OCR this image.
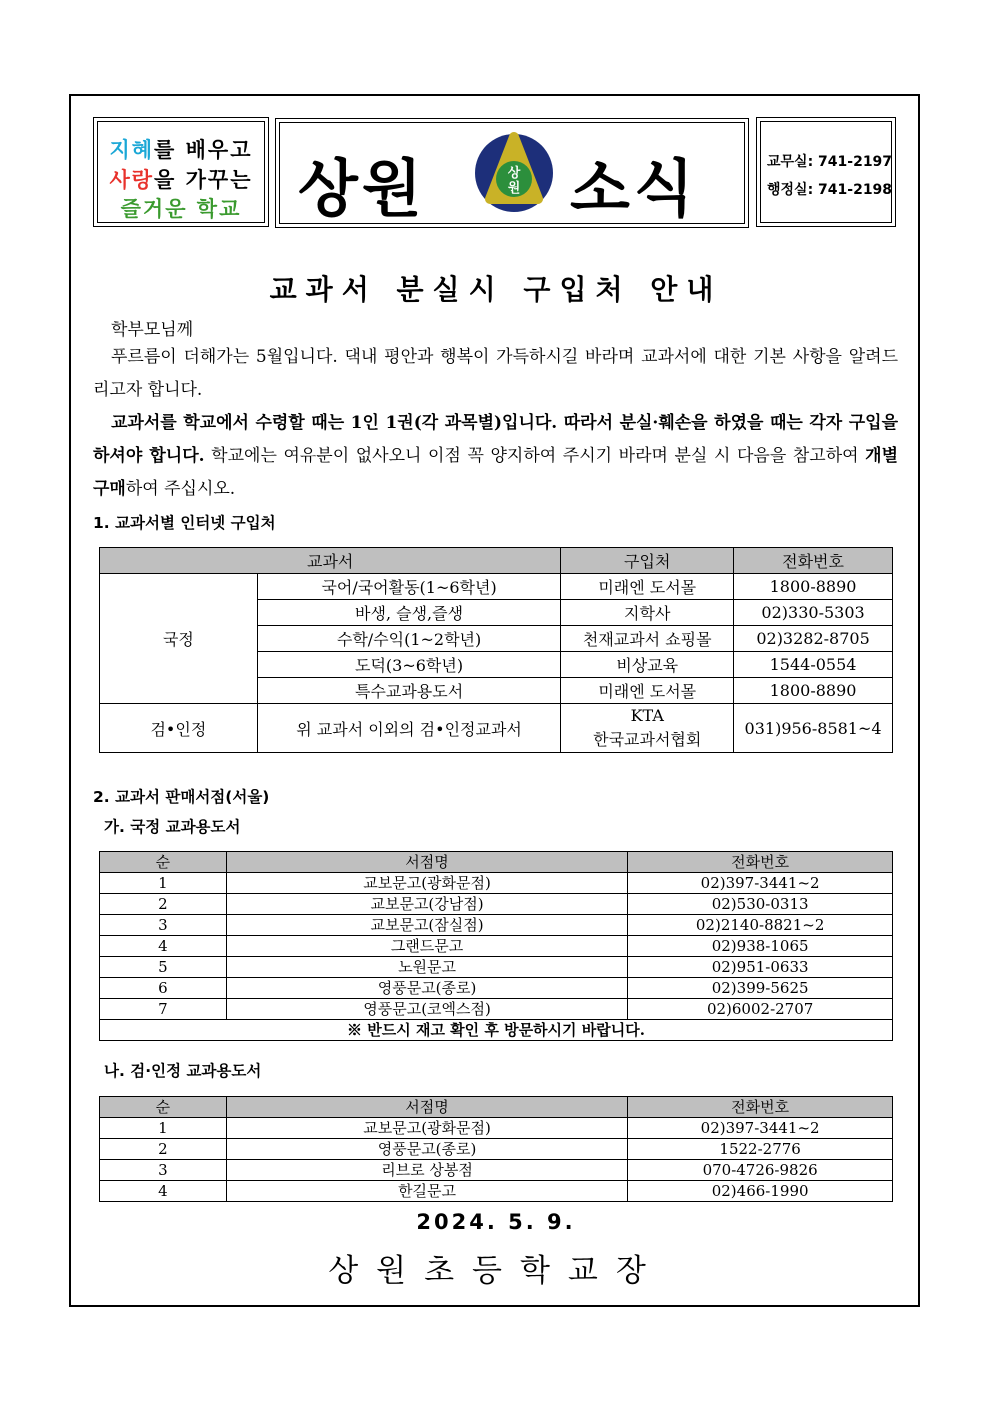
지혜를 배우고
사랑을 가꾸는
즐거운 학교 상원	상
원 소식	교무실: 741-2197
행정실: 741-2198
교과서 분실시 구입처 안내
학부모님께
푸르름이 더해가는 5월입니다. 댁내 평안과 행복이 가득하시길 바라며 교과서에 대한 기본 사항을 알려드리고자 합니다.
교과서를 학교에서 수령할 때는 1인 1권(각 과목별)입니다. 따라서 분실·훼손을 하였을 때는 각자 구입을 하셔야 합니다. 학교에는 여유분이 없사오니 이점 꼭 양지하여 주시기 바라며 분실 시 다음을 참고하여 개별 구매하여 주십시오.
1. 교과서별 인터넷 구입처
교과서		구입처	전화번호
국정	국어/국어활동(1~6학년)	미래엔 도서몰	1800-8890
	바생, 슬생,즐생	지학사	02)330-5303
	수학/수익(1~2학년)	천재교과서 쇼핑몰	02)3282-8705
	도덕(3~6학년)	비상교육	1544-0554
	특수교과용도서	미래엔 도서몰	1800-8890
검•인정	위 교과서 이외의 검•인정교과서	KTA
한국교과서협회	031)956-8581~4
2. 교과서 판매서점(서울)
가. 국정 교과용도서
순	서점명	전화번호
1	교보문고(광화문점)	02)397-3441~2
2	교보문고(강남점)	02)530-0313
3	교보문고(잠실점)	02)2140-8821~2
4	그랜드문고	02)938-1065
5	노원문고	02)951-0633
6	영풍문고(종로)	02)399-5625
7	영풍문고(코엑스점)	02)6002-2707
※ 반드시 재고 확인 후 방문하시기 바랍니다.		
나. 검·인정 교과용도서
순	서점명	전화번호
1	교보문고(광화문점)	02)397-3441~2
2	영풍문고(종로)	1522-2776
3	리브로 상봉점	070-4726-9826
4	한길문고	02)466-1990
2024. 5. 9.
상원초등학교장
